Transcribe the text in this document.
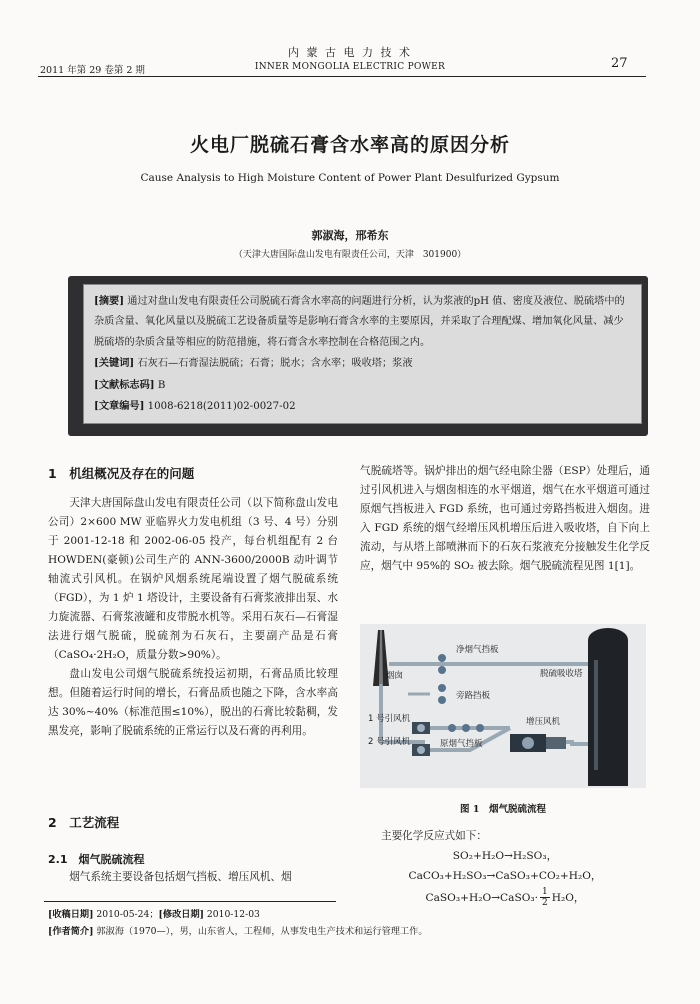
内 蒙 古 电 力 技 术
INNER MONGOLIA ELECTRIC POWER
2011 年第 29 卷第 2 期	27
火电厂脱硫石膏含水率高的原因分析
Cause Analysis to High Moisture Content of Power Plant Desulfurized Gypsum
郭淑海，邢希东
（天津大唐国际盘山发电有限责任公司，天津　301900）
[摘要] 通过对盘山发电有限责任公司脱硫石膏含水率高的问题进行分析，认为浆液的pH 值、密度及液位、脱硫塔中的杂质含量、氧化风量以及脱硫工艺设备质量等是影响石膏含水率的主要原因，并采取了合理配煤、增加氧化风量、减少脱硫塔的杂质含量等相应的防范措施，将石膏含水率控制在合格范围之内。
[关键词] 石灰石—石膏湿法脱硫；石膏；脱水；含水率；吸收塔；浆液
[文献标志码] B
[文章编号] 1008-6218(2011)02-0027-02
1　机组概况及存在的问题

天津大唐国际盘山发电有限责任公司（以下简称盘山发电公司）2×600 MW 亚临界火力发电机组（3 号、4 号）分别于 2001-12-18 和 2002-06-05 投产，每台机组配有 2 台 HOWDEN(豪顿)公司生产的 ANN-3600/2000B 动叶调节轴流式引风机。在锅炉风烟系统尾端设置了烟气脱硫系统（FGD），为 1 炉 1 塔设计，主要设备有石膏浆液排出泵、水力旋流器、石膏浆液罐和皮带脱水机等。采用石灰石—石膏湿法进行烟气脱硫，脱硫剂为石灰石，主要副产品是石膏（CaSO₄·2H₂O，质量分数>90%）。

盘山发电公司烟气脱硫系统投运初期，石膏品质比较理想。但随着运行时间的增长，石膏品质也随之下降，含水率高达 30%~40%（标准范围≤10%），脱出的石膏比较黏稠，发黑发亮，影响了脱硫系统的正常运行以及石膏的再利用。

2　工艺流程
2.1　烟气脱硫流程

烟气系统主要设备包括烟气挡板、增压风机、烟

气脱硫塔等。锅炉排出的烟气经电除尘器（ESP）处理后，通过引风机进入与烟囱相连的水平烟道，烟气在水平烟道可通过原烟气挡板进入 FGD 系统，也可通过旁路挡板进入烟囱。进入 FGD 系统的烟气经增压风机增压后进入吸收塔，自下向上流动，与从塔上部喷淋而下的石灰石浆液充分接触发生化学反应，烟气中 95%的 SO₂ 被去除。烟气脱硫流程见图 1[1]。

烟囱
净烟气挡板
脱硫吸收塔
旁路挡板
1 号引风机
2 号引风机	原烟气挡板
增压风机
图 1　烟气脱硫流程
主要化学反应式如下：
SO₂+H₂O→H₂SO₃，
CaCO₃+H₂SO₃→CaSO₃+CO₂+H₂O，
CaSO₃+H₂O→CaSO₃· $\frac{1}{2} H_2O$，
[收稿日期] 2010-05-24；[修改日期] 2010-12-03
[作者简介] 郭淑海（1970—），男，山东省人，工程师，从事发电生产技术和运行管理工作。
